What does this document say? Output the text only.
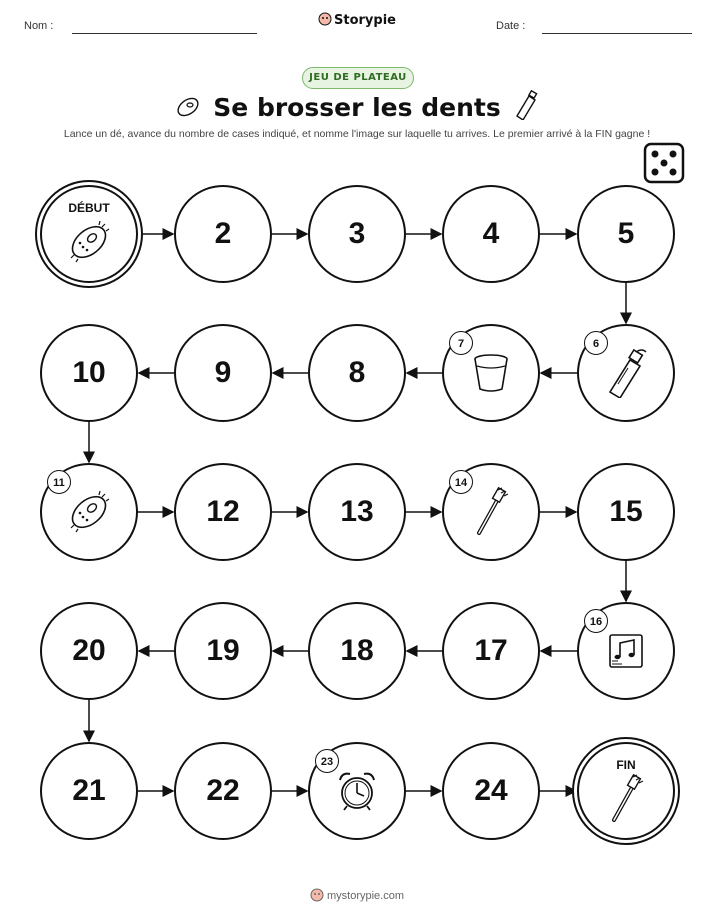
Nom :	Storypie	Date :
JEU DE PLATEAU
Se brosser les dents
Lance un dé, avance du nombre de cases indiqué, et nomme l'image sur laquelle tu arrives. Le premier arrivé à la FIN gagne !
DÉBUT
2	3	4	5
6
7
8
9
10
11
12	13
14
15
16
17
18
19
20
21	22
23
24
FIN
mystorypie.com
